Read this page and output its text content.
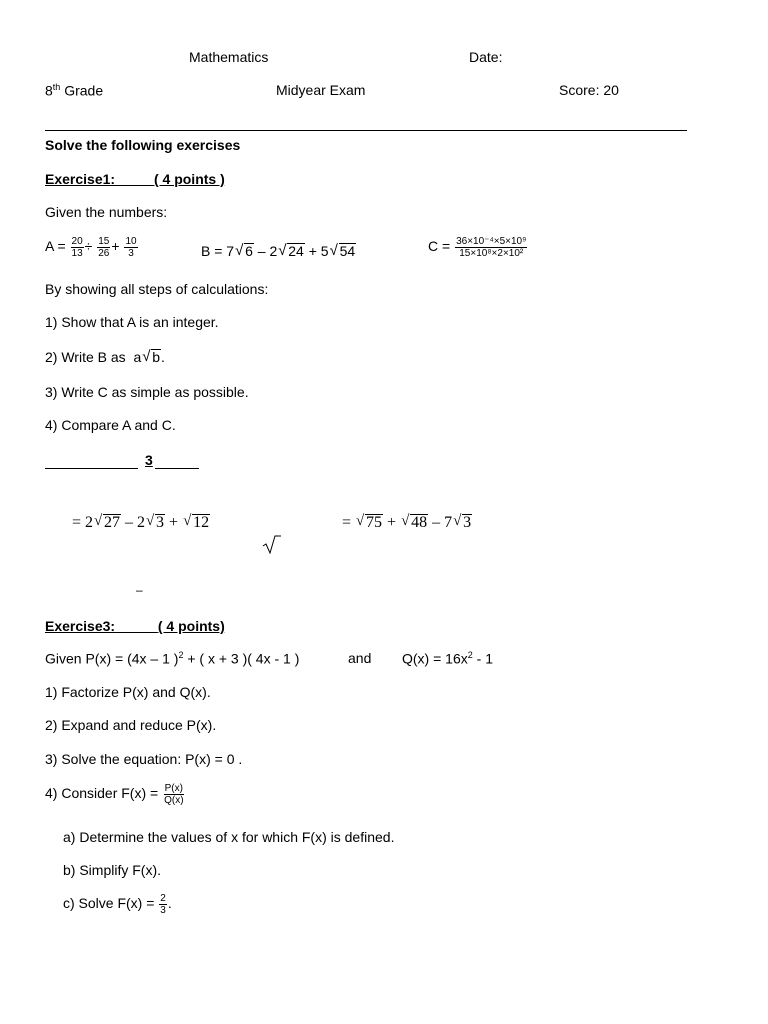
Mathematics	Date:
8th Grade	Midyear Exam	Score: 20
Solve the following exercises
Exercise1:	( 4 points )
Given the numbers:
$A = \frac{20}{13} \div \frac{15}{26} + \frac{10}{3}$	B = 7 √ 6 – 2 √ 24 + 5 √ 54	$C = \frac{\text{36×10⁻⁴×5×10⁹}}{\text{15×10⁸×2×10²}}$
By showing all steps of calculations:
1) Show that A is an integer.
2) Write B as a √ b.
3) Write C as simple as possible.
4) Compare A and C.
3
= 2 √ 27 – 2 √ 3 + √ 12	= √ 75 + √ 48 – 7 √ 3
–
Exercise3:	( 4 points)
Given P(x) = (4x – 1 )$^2$ + ( x + 3 )( 4x - 1 )	and $Q(x) = 16x^2 - 1$
1) Factorize P(x) and Q(x).
2) Expand and reduce P(x).
3) Solve the equation: P(x) = 0 .
4) Consider $F(x) = \frac{P(x)}{Q(x)}$
a) Determine the values of x for which F(x) is defined.
b) Simplify F(x).
c) Solve $F(x) = \frac{2}{3}$ .
